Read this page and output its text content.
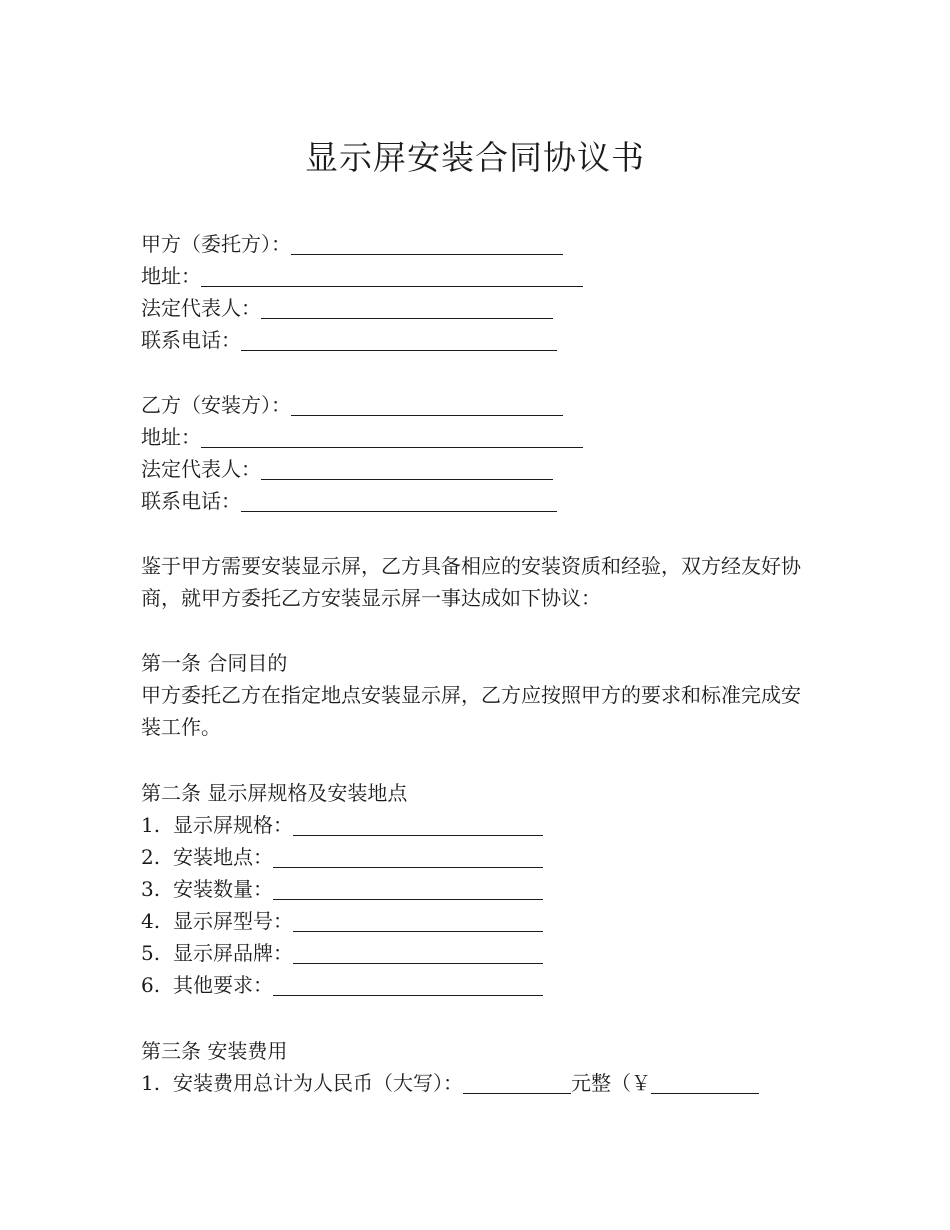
显示屏安装合同协议书
甲方（委托方）：
地址：
法定代表人：
联系电话：
乙方（安装方）：
地址：
法定代表人：
联系电话：
鉴于甲方需要安装显示屏，乙方具备相应的安装资质和经验，双方经友好协商，就甲方委托乙方安装显示屏一事达成如下协议：
第一条 合同目的
甲方委托乙方在指定地点安装显示屏，乙方应按照甲方的要求和标准完成安装工作。
第二条 显示屏规格及安装地点
1. 显示屏规格：
2. 安装地点：
3. 安装数量：
4. 显示屏型号：
5. 显示屏品牌：
6. 其他要求：
第三条 安装费用
1. 安装费用总计为人民币（大写）：	元整（￥
